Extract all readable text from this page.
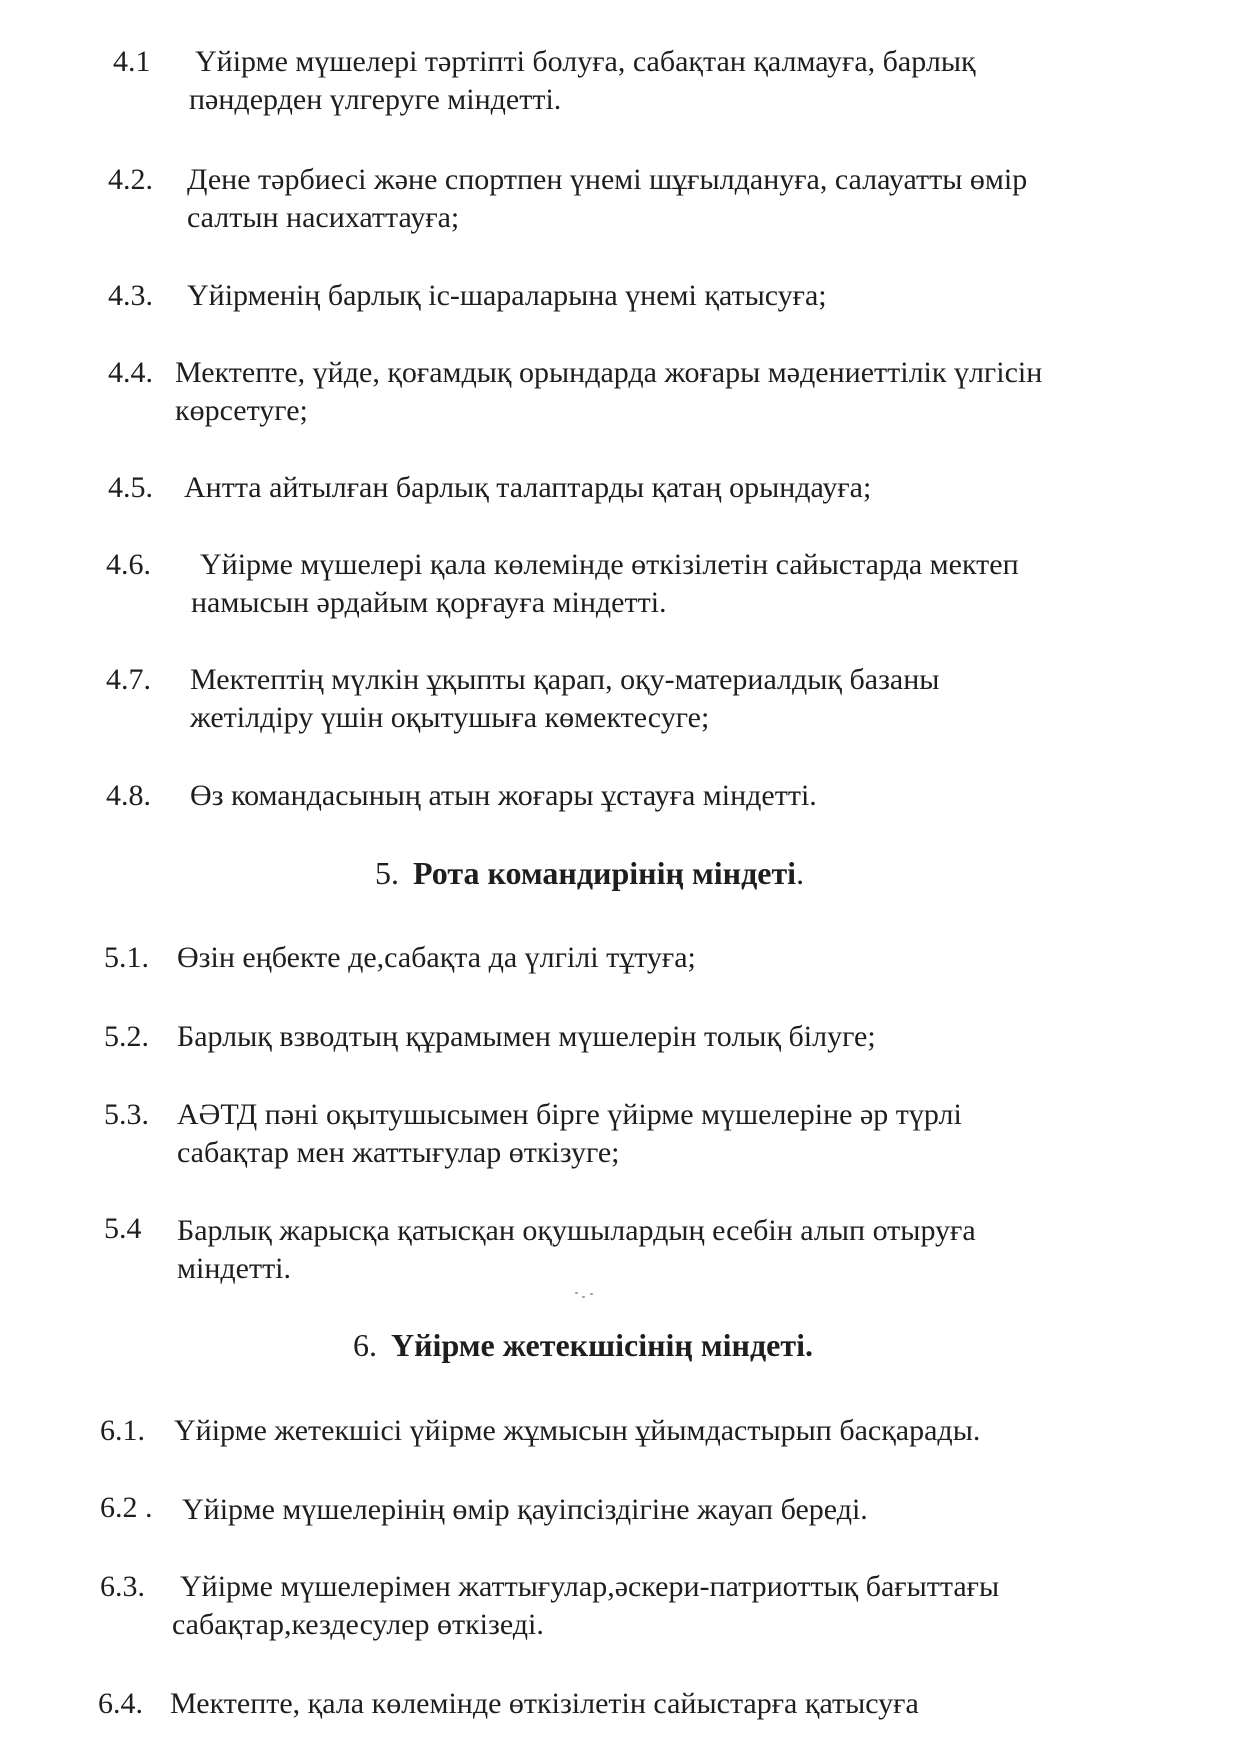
4.1 Үйірме мүшелері тәртіпті болуға, сабақтан қалмауға, барлық
пәндерден үлгеруге міндетті.
4.2. Дене тәрбиесі және спортпен үнемі шұғылдануға, салауатты өмір
салтын насихаттауға;
4.3. Үйірменің барлық іс-шараларына үнемі қатысуға;
4.4. Мектепте, үйде, қоғамдық орындарда жоғары мәдениеттілік үлгісін
көрсетуге;
4.5. Антта айтылған барлық талаптарды қатаң орындауға;
4.6. Үйірме мүшелері қала көлемінде өткізілетін сайыстарда мектеп
намысын әрдайым қорғауға міндетті.
4.7. Мектептің мүлкін ұқыпты қарап, оқу-материалдық базаны
жетілдіру үшін оқытушыға көмектесуге;
4.8. Өз командасының атын жоғары ұстауға міндетті.
5. Рота командирінің міндеті.
5.1. Өзін еңбекте де,сабақта да үлгілі тұтуға;
5.2. Барлық взводтың құрамымен мүшелерін толық білуге;
5.3. АӘТД пәні оқытушысымен бірге үйірме мүшелеріне әр түрлі
сабақтар мен жаттығулар өткізуге;
5.4 Барлық жарысқа қатысқан оқушылардың есебін алып отыруға
міндетті.
6. Үйірме жетекшісінің міндеті.
6.1. Үйірме жетекшісі үйірме жұмысын ұйымдастырып басқарады.
6.2 . Үйірме мүшелерінің өмір қауіпсіздігіне жауап береді.
6.3. Үйірме мүшелерімен жаттығулар,әскери-патриоттық бағыттағы
сабақтар,кездесулер өткізеді.
6.4. Мектепте, қала көлемінде өткізілетін сайыстарға қатысуға
